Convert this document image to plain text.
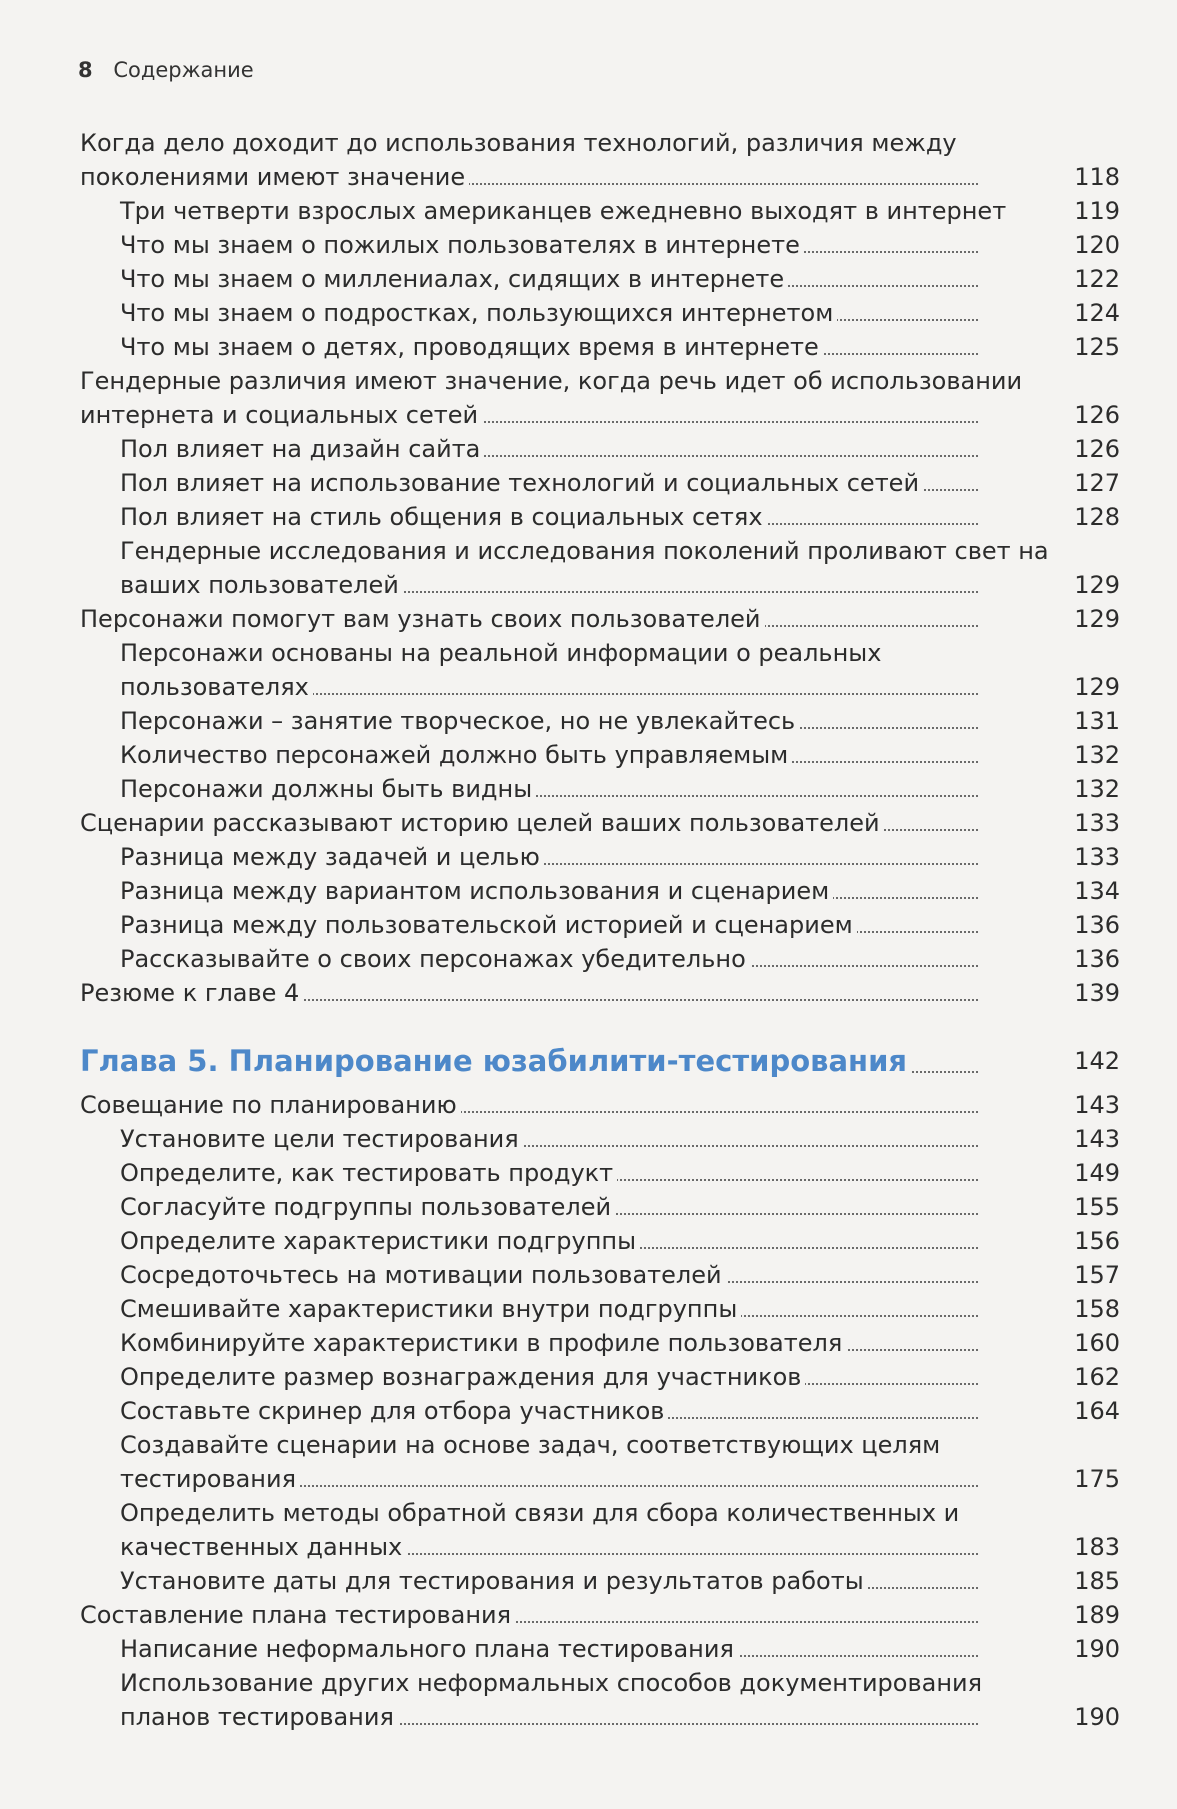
8 Содержание
Когда дело доходит до использования технологий, различия между поколениями имеют значение	118
Три четверти взрослых американцев ежедневно выходят в интернет	119
Что мы знаем о пожилых пользователях в интернете	120
Что мы знаем о миллениалах, сидящих в интернете	122
Что мы знаем о подростках, пользующихся интернетом	124
Что мы знаем о детях, проводящих время в интернете	125
Гендерные различия имеют значение, когда речь идет об использовании интернета и социальных сетей	126
Пол влияет на дизайн сайта	126
Пол влияет на использование технологий и социальных сетей	127
Пол влияет на стиль общения в социальных сетях	128
Гендерные исследования и исследования поколений проливают свет на ваших пользователей	129
Персонажи помогут вам узнать своих пользователей	129
Персонажи основаны на реальной информации о реальных пользователях	129
Персонажи – занятие творческое, но не увлекайтесь	131
Количество персонажей должно быть управляемым	132
Персонажи должны быть видны	132
Сценарии рассказывают историю целей ваших пользователей	133
Разница между задачей и целью	133
Разница между вариантом использования и сценарием	134
Разница между пользовательской историей и сценарием	136
Рассказывайте о своих персонажах убедительно	136
Резюме к главе 4	139
Глава 5. Планирование юзабилити-тестирования	142
Совещание по планированию	143
Установите цели тестирования	143
Определите, как тестировать продукт	149
Согласуйте подгруппы пользователей	155
Определите характеристики подгруппы	156
Сосредоточьтесь на мотивации пользователей	157
Смешивайте характеристики внутри подгруппы	158
Комбинируйте характеристики в профиле пользователя	160
Определите размер вознаграждения для участников	162
Составьте скринер для отбора участников	164
Создавайте сценарии на основе задач, соответствующих целям тестирования	175
Определить методы обратной связи для сбора количественных и качественных данных	183
Установите даты для тестирования и результатов работы	185
Составление плана тестирования	189
Написание неформального плана тестирования	190
Использование других неформальных способов документирования планов тестирования	190
